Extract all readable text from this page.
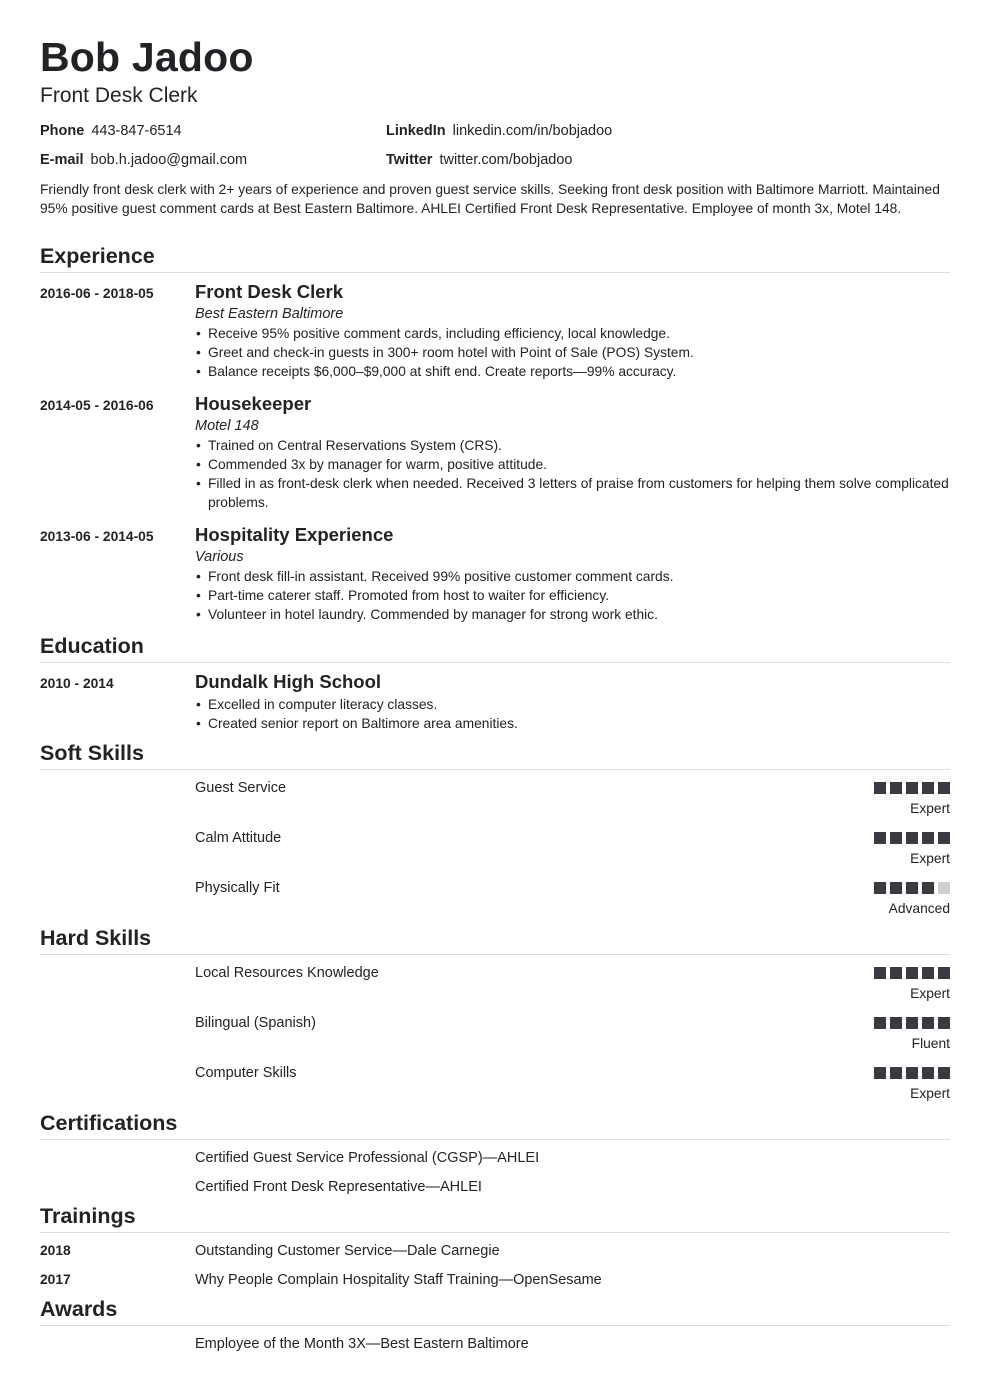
Bob Jadoo
Front Desk Clerk
Phone 443-847-6514
E-mail bob.h.jadoo@gmail.com
LinkedIn linkedin.com/in/bobjadoo
Twitter twitter.com/bobjadoo
Friendly front desk clerk with 2+ years of experience and proven guest service skills. Seeking front desk position with Baltimore Marriott. Maintained 95% positive guest comment cards at Best Eastern Baltimore. AHLEI Certified Front Desk Representative. Employee of month 3x, Motel 148.
Experience
2016-06 - 2018-05 Front Desk Clerk
Best Eastern Baltimore
• Receive 95% positive comment cards, including efficiency, local knowledge.
• Greet and check-in guests in 300+ room hotel with Point of Sale (POS) System.
• Balance receipts $6,000–$9,000 at shift end. Create reports—99% accuracy.
2014-05 - 2016-06 Housekeeper
Motel 148
• Trained on Central Reservations System (CRS).
• Commended 3x by manager for warm, positive attitude.
• Filled in as front-desk clerk when needed. Received 3 letters of praise from customers for helping them solve complicated problems.
2013-06 - 2014-05 Hospitality Experience
Various
• Front desk fill-in assistant. Received 99% positive customer comment cards.
• Part-time caterer staff. Promoted from host to waiter for efficiency.
• Volunteer in hotel laundry. Commended by manager for strong work ethic.
Education
2010 - 2014	Dundalk High School
• Excelled in computer literacy classes.
• Created senior report on Baltimore area amenities.
Soft Skills
Guest Service
Expert
Calm Attitude
Expert
Physically Fit
Advanced
Hard Skills
Local Resources Knowledge
Expert
Bilingual (Spanish)
Fluent
Computer Skills
Expert
Certifications
Certified Guest Service Professional (CGSP)—AHLEI
Certified Front Desk Representative—AHLEI
Trainings
2018	Outstanding Customer Service—Dale Carnegie
2017	Why People Complain Hospitality Staff Training—OpenSesame
Awards
Employee of the Month 3X—Best Eastern Baltimore
